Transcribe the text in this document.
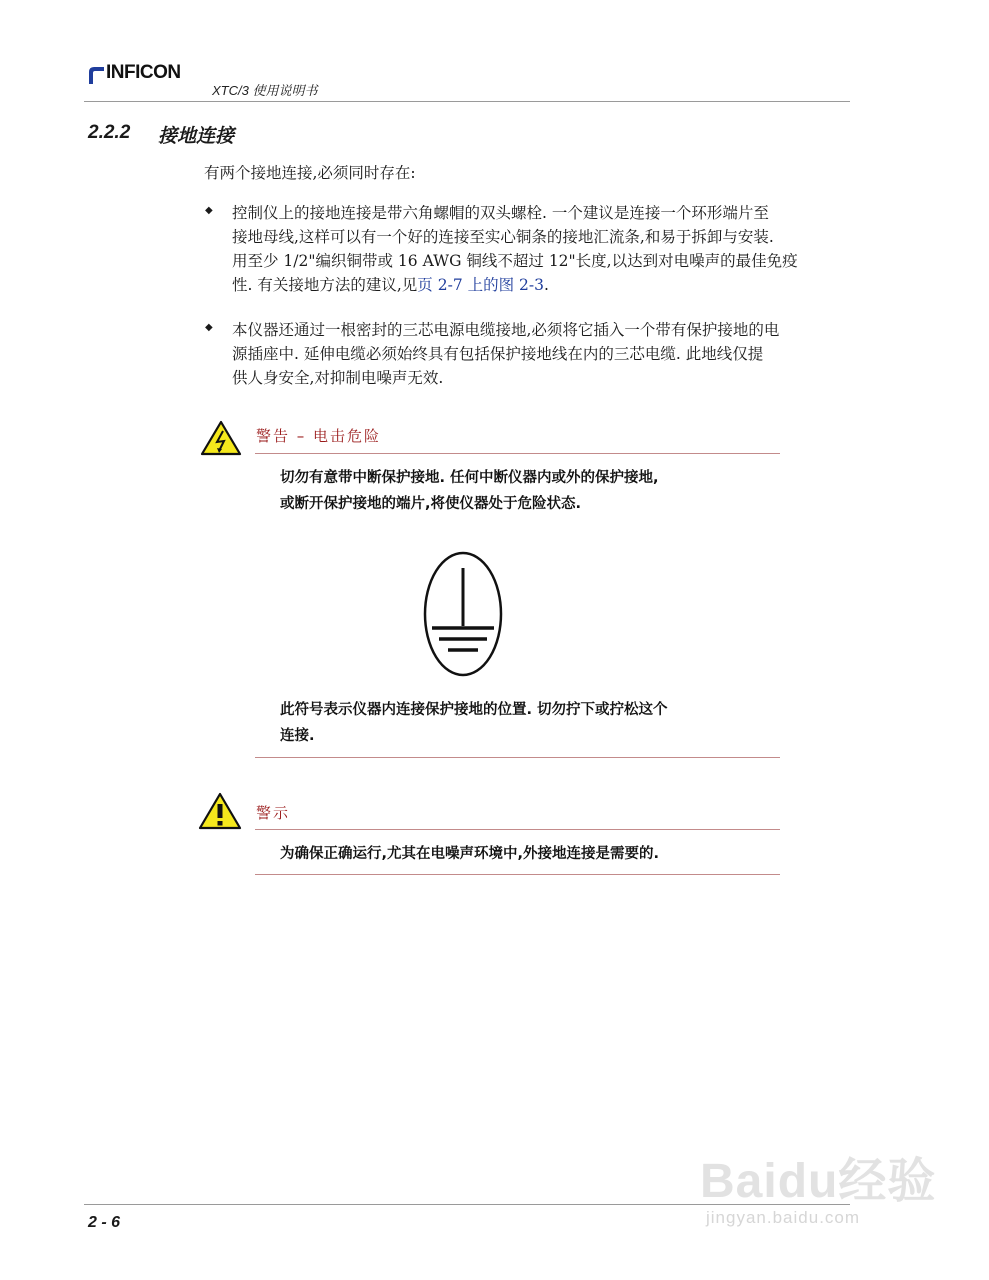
INFICON
XTC/3 使用说明书
2.2.2 接地连接
有两个接地连接,必须同时存在:
◆ 控制仪上的接地连接是带六角螺帽的双头螺栓. 一个建议是连接一个环形端片至
接地母线,这样可以有一个好的连接至实心铜条的接地汇流条,和易于拆卸与安装.
用至少 1/2"编织铜带或 16 AWG 铜线不超过 12"长度,以达到对电噪声的最佳免疫
性. 有关接地方法的建议,见页 2-7 上的图 2-3.
◆ 本仪器还通过一根密封的三芯电源电缆接地,必须将它插入一个带有保护接地的电
源插座中. 延伸电缆必须始终具有包括保护接地线在内的三芯电缆. 此地线仅提
供人身安全,对抑制电噪声无效.
警告 – 电击危险
切勿有意带中断保护接地. 任何中断仪器内或外的保护接地,
或断开保护接地的端片,将使仪器处于危险状态.
此符号表示仪器内连接保护接地的位置. 切勿拧下或拧松这个
连接.
警示
为确保正确运行,尤其在电噪声环境中,外接地连接是需要的.
2 - 6
Baidu经验
jingyan.baidu.com
